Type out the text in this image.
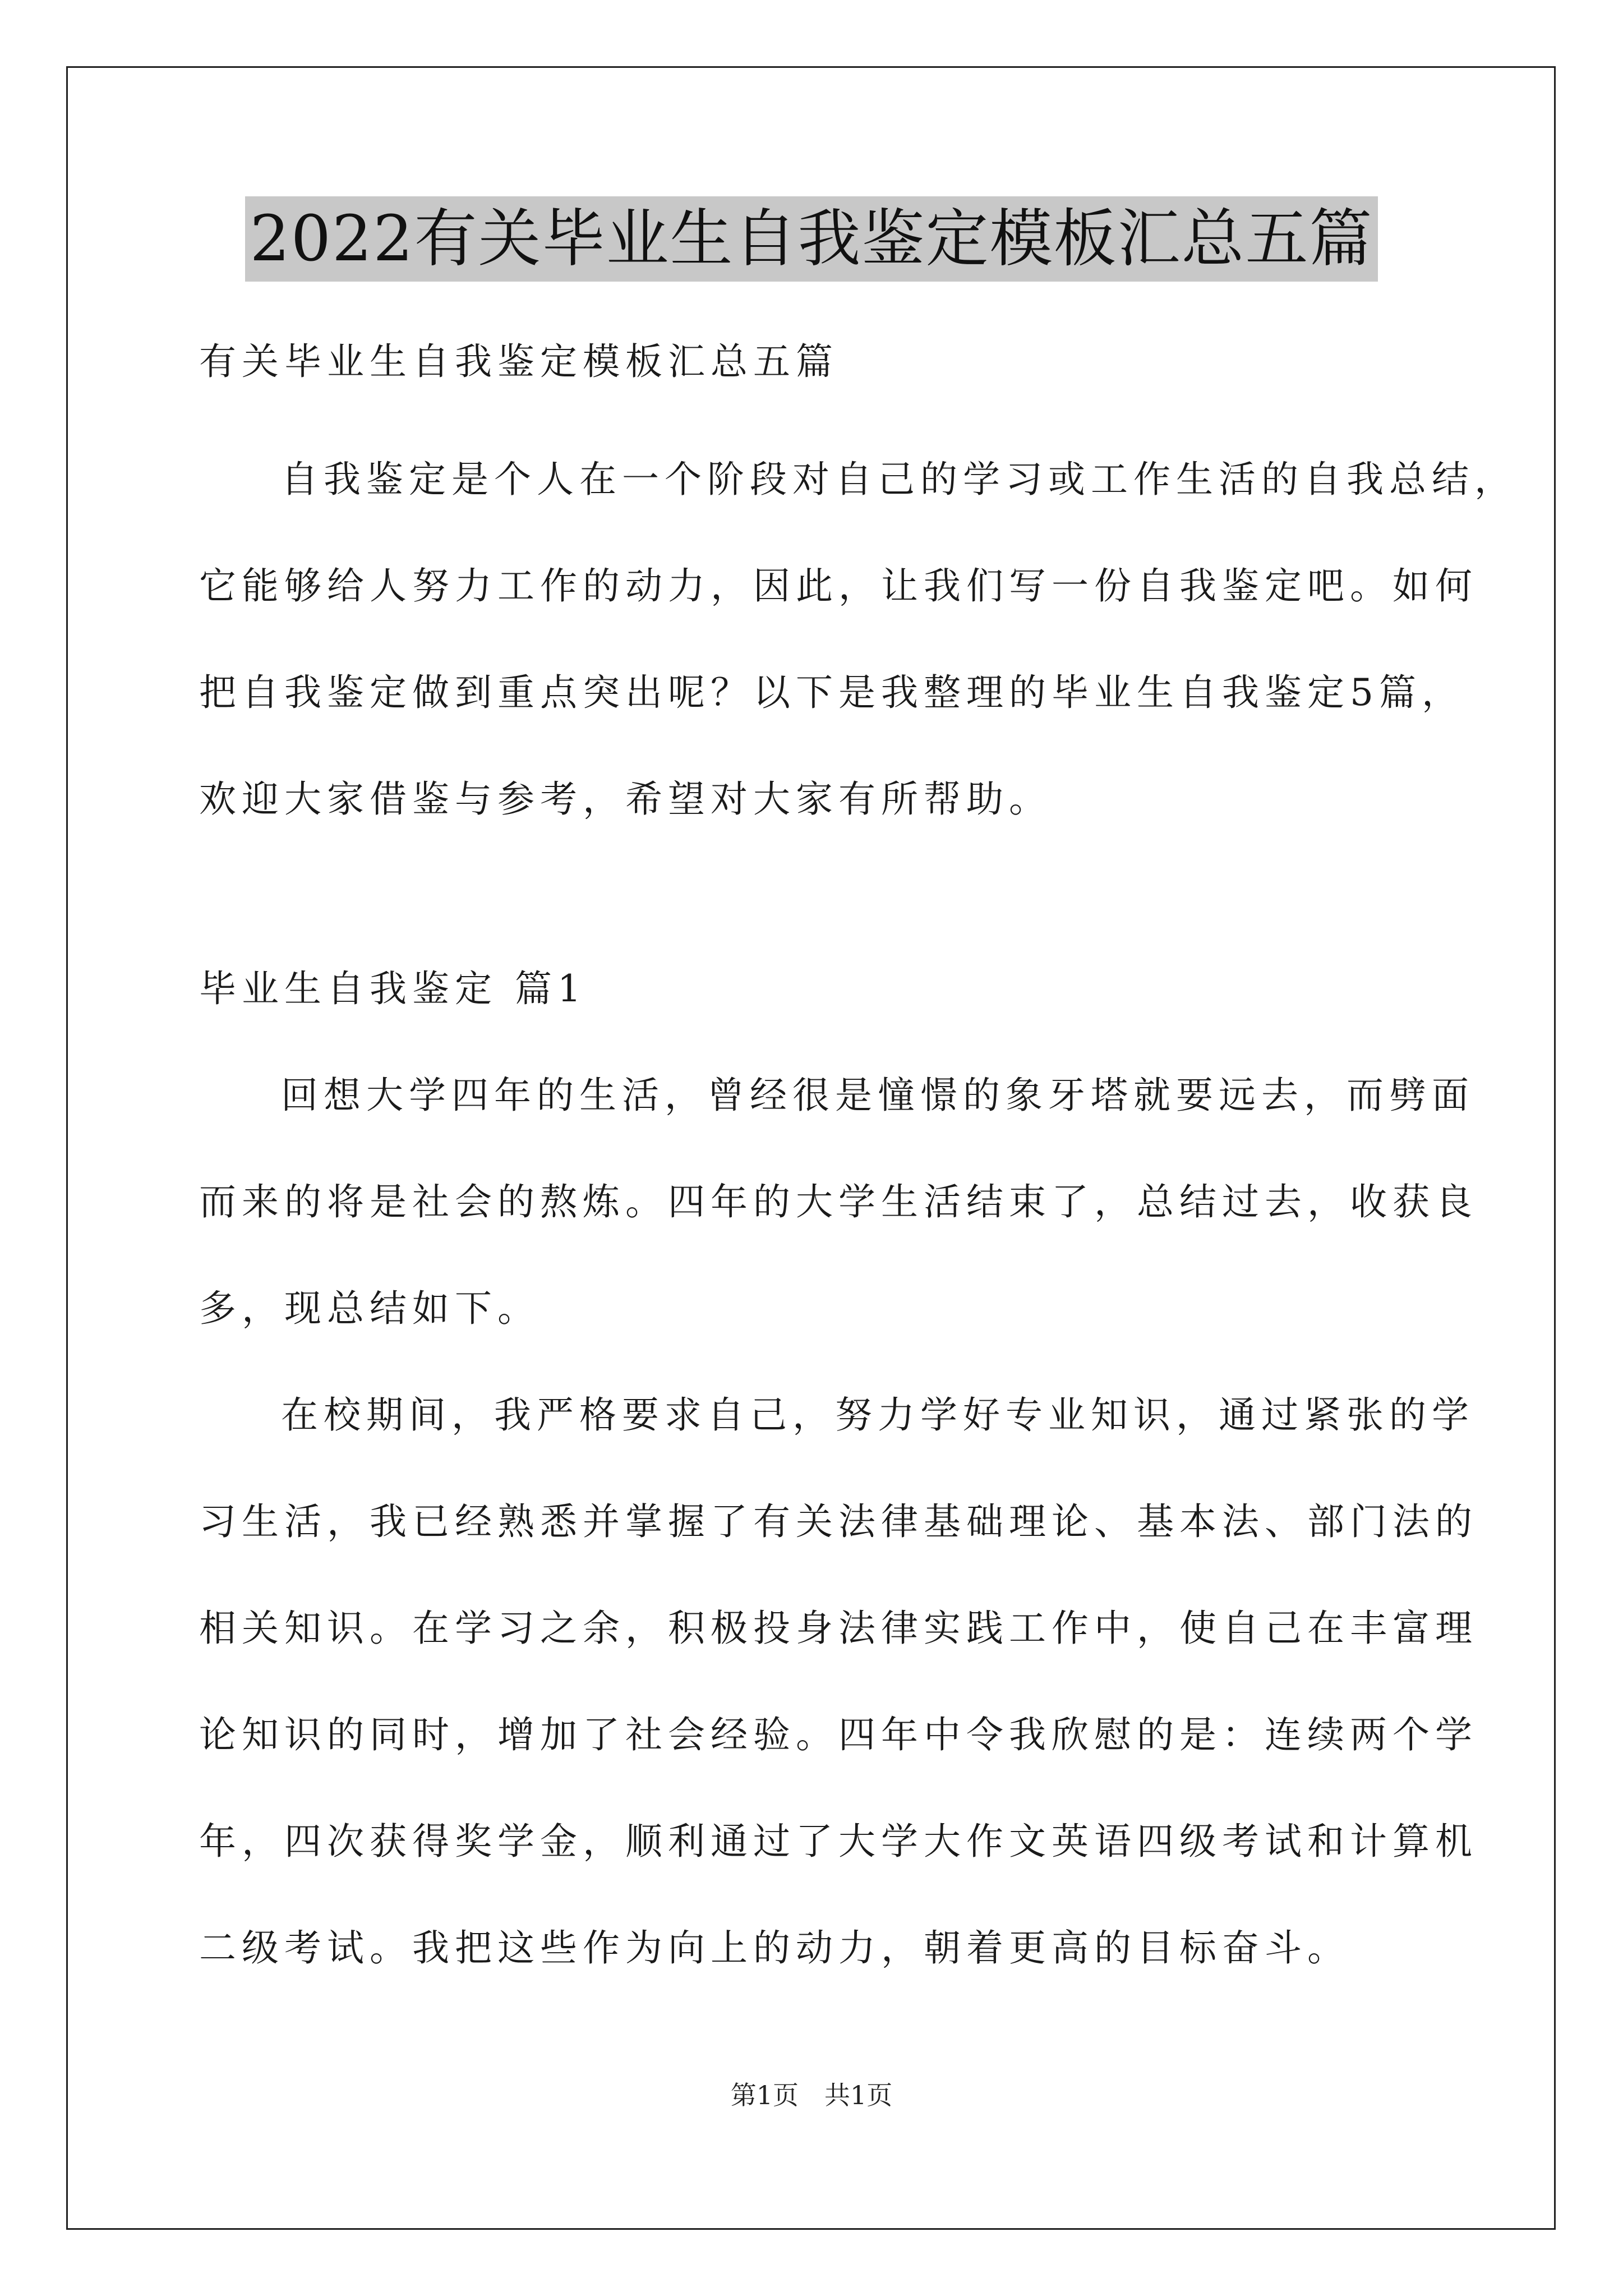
2022有关毕业生自我鉴定模板汇总五篇
有关毕业生自我鉴定模板汇总五篇
自我鉴定是个人在一个阶段对自己的学习或工作生活的自我总结，
它能够给人努力工作的动力，因此，让我们写一份自我鉴定吧。如何
把自我鉴定做到重点突出呢？以下是我整理的毕业生自我鉴定5篇，
欢迎大家借鉴与参考，希望对大家有所帮助。
毕业生自我鉴定 篇1
回想大学四年的生活，曾经很是憧憬的象牙塔就要远去，而劈面
而来的将是社会的熬炼。四年的大学生活结束了，总结过去，收获良
多，现总结如下。
在校期间，我严格要求自己，努力学好专业知识，通过紧张的学
习生活，我已经熟悉并掌握了有关法律基础理论、基本法、部门法的
相关知识。在学习之余，积极投身法律实践工作中，使自己在丰富理
论知识的同时，增加了社会经验。四年中令我欣慰的是：连续两个学
年，四次获得奖学金，顺利通过了大学大作文英语四级考试和计算机
二级考试。我把这些作为向上的动力，朝着更高的目标奋斗。
第1页　共1页
